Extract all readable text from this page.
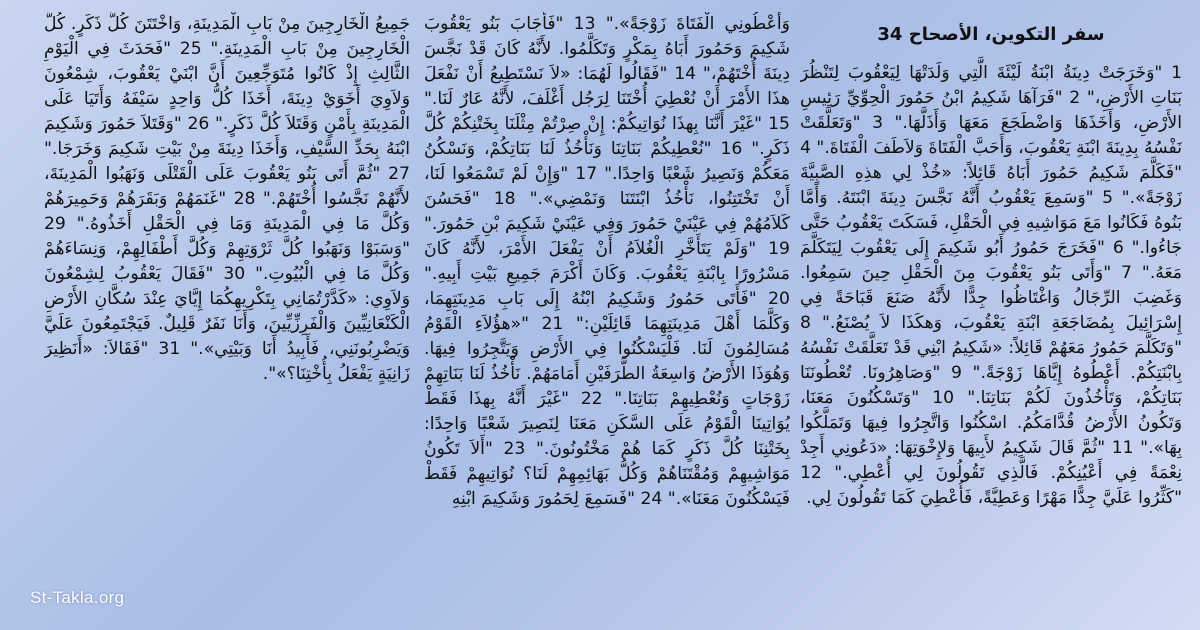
سفر التكوين، الأصحاح 34

1 "وَخَرَجَتْ دِينَةُ ابْنَةُ لَيْئَةَ الَّتِي وَلَدَتْهَا لِيَعْقُوبَ لِتَنْظُرَ بَنَاتِ الأَرْضِ،" 2 "فَرَآهَا شَكِيمُ ابْنُ حَمُورَ الْحِوِّيِّ رَئِيسِ الأَرْضِ، وَأَخَذَهَا وَاضْطَجَعَ مَعَهَا وَأَذَلَّهَا." 3 "وَتَعَلَّقَتْ نَفْسُهُ بِدِينَةَ ابْنَةِ يَعْقُوبَ، وَأَحَبَّ الْفَتَاةَ وَلاَطَفَ الْفَتَاةَ." 4 "فَكَلَّمَ شَكِيمُ حَمُورَ أَبَاهُ قَائِلاً: «خُذْ لِي هذِهِ الصَّبِيَّةَ زَوْجَةً»." 5 "وَسَمِعَ يَعْقُوبُ أَنَّهُ نَجَّسَ دِينَةَ ابْنَتَهُ. وَأَمَّا بَنُوهُ فَكَانُوا مَعَ مَوَاشِيهِ فِي الْحَقْلِ، فَسَكَتَ يَعْقُوبُ حَتَّى جَاءُوا." 6 "فَخَرَجَ حَمُورُ أَبُو شَكِيمَ إِلَى يَعْقُوبَ لِيَتَكَلَّمَ مَعَهُ." 7 "وَأَتَى بَنُو يَعْقُوبَ مِنَ الْحَقْلِ حِينَ سَمِعُوا. وَغَضِبَ الرِّجَالُ وَاغْتَاظُوا جِدًّا لأَنَّهُ صَنَعَ قَبَاحَةً فِي إِسْرَائِيلَ بِمُضَاجَعَةِ ابْنَةِ يَعْقُوبَ، وَهكَذَا لاَ يُصْنَعُ." 8 "وَتَكَلَّمَ حَمُورُ مَعَهُمْ قَائِلاً: «شَكِيمُ ابْنِي قَدْ تَعَلَّقَتْ نَفْسُهُ بِابْنَتِكُمْ. أَعْطُوهُ إِيَّاهَا زَوْجَةً." 9 "وَصَاهِرُونَا. تُعْطُونَنَا بَنَاتِكُمْ، وَتَأْخُذُونَ لَكُمْ بَنَاتِنَا." 10 "وَتَسْكُنُونَ مَعَنَا، وَتَكُونُ الأَرْضُ قُدَّامَكُمُ. اسْكُنُوا وَاتَّجِرُوا فِيهَا وَتَمَلَّكُوا بِهَا»." 11 "ثُمَّ قَالَ شَكِيمُ لأَبِيهَا وَلإِخْوَتِهَا: «دَعُونِي أَجِدْ نِعْمَةً فِي أَعْيُنِكُمْ. فَالَّذِي تَقُولُونَ لِي أُعْطِي." 12 "كَثِّرُوا عَلَيَّ جِدًّا مَهْرًا وَعَطِيَّةً، فَأُعْطِيَ كَمَا تَقُولُونَ لِي.

وَأَعْطُونِي الْفَتَاةَ زَوْجَةً»." 13 "فَأَجَابَ بَنُو يَعْقُوبَ شَكِيمَ وَحَمُورَ أَبَاهُ بِمَكْرٍ وَتَكَلَّمُوا. لأَنَّهُ كَانَ قَدْ نَجَّسَ دِينَةَ أُخْتَهُمْ،" 14 "فَقَالُوا لَهُمَا: «لاَ نَسْتَطِيعُ أَنْ نَفْعَلَ هذَا الأَمْرَ أَنْ نُعْطِيَ أُخْتَنَا لِرَجُل أَغْلَفَ، لأَنَّهُ عَارٌ لَنَا." 15 "غَيْرَ أَنَّنَا بِهذَا نُوَاتِيكُمْ: إِنْ صِرْتُمْ مِثْلَنَا بِخَتْنِكُمْ كُلَّ ذَكَرٍ." 16 "نُعْطِيكُمْ بَنَاتِنَا وَنَأْخُذُ لَنَا بَنَاتِكُمْ، وَنَسْكُنُ مَعَكُمْ وَنَصِيرُ شَعْبًا وَاحِدًا." 17 "وَإِنْ لَمْ تَسْمَعُوا لَنَا، أَنْ تَخْتَتِنُوا، نَأْخُذُ ابْنَتَنَا وَنَمْضِي»." 18 "فَحَسُنَ كَلاَمُهُمْ فِي عَيْنَيْ حَمُورَ وَفِي عَيْنَيْ شَكِيمَ بْنِ حَمُورَ." 19 "وَلَمْ يَتَأَخَّرِ الْغُلاَمُ أَنْ يَفْعَلَ الأَمْرَ، لأَنَّهُ كَانَ مَسْرُورًا بِابْنَةِ يَعْقُوبَ. وَكَانَ أَكْرَمَ جَمِيعِ بَيْتِ أَبِيهِ." 20 "فَأَتَى حَمُورُ وَشَكِيمُ ابْنُهُ إِلَى بَابِ مَدِينَتِهِمَا، وَكَلَّمَا أَهْلَ مَدِينَتِهِمَا قَائِلَيْنِ:" 21 "«هؤُلاَءِ الْقَوْمُ مُسَالِمُونَ لَنَا. فَلْيَسْكُنُوا فِي الأَرْضِ وَيَتَّجِرُوا فِيهَا. وَهُوَذَا الأَرْضُ وَاسِعَةُ الطَّرَفَيْنِ أَمَامَهُمْ. نَأْخُذُ لَنَا بَنَاتِهِمْ زَوْجَاتٍ وَنُعْطِيهِمْ بَنَاتِنَا." 22 "غَيْرَ أَنَّهُ بِهذَا فَقَطْ يُوَاتِينَا الْقَوْمُ عَلَى السَّكَنِ مَعَنَا لِنَصِيرَ شَعْبًا وَاحِدًا: بِخَتْنِنَا كُلَّ ذَكَرٍ كَمَا هُمْ مَخْتُونُونَ." 23 "أَلاَ تَكُونُ مَوَاشِيهِمْ وَمُقْتَنَاهُمْ وَكُلُّ بَهَائِمِهِمْ لَنَا؟ نُوَاتِيهِمْ فَقَطْ فَيَسْكُنُونَ مَعَنَا»." 24 "فَسَمِعَ لِحَمُورَ وَشَكِيمَ ابْنِهِ

جَمِيعُ الْخَارِجِينَ مِنْ بَابِ الْمَدِينَةِ، وَاخْتَتَنَ كُلُّ ذَكَرٍ. كُلُّ الْخَارِجِينَ مِنْ بَابِ الْمَدِينَةِ." 25 "فَحَدَثَ فِي الْيَوْمِ الثَّالِثِ إِذْ كَانُوا مُتَوَجِّعِينَ أَنَّ ابْنَيْ يَعْقُوبَ، شِمْعُونَ وَلاَوِيَ أَخَوَيْ دِينَةَ، أَخَذَا كُلُّ وَاحِدٍ سَيْفَهُ وَأَتَيَا عَلَى الْمَدِينَةِ بِأَمْنٍ وَقَتَلاَ كُلَّ ذَكَرٍ." 26 "وَقَتَلاَ حَمُورَ وَشَكِيمَ ابْنَهُ بِحَدِّ السَّيْفِ، وَأَخَذَا دِينَةَ مِنْ بَيْتِ شَكِيمَ وَخَرَجَا." 27 "ثُمَّ أَتَى بَنُو يَعْقُوبَ عَلَى الْقَتْلَى وَنَهَبُوا الْمَدِينَةَ، لأَنَّهُمْ نَجَّسُوا أُخْتَهُمْ." 28 "غَنَمَهُمْ وَبَقَرَهُمْ وَحَمِيرَهُمْ وَكُلَّ مَا فِي الْمَدِينَةِ وَمَا فِي الْحَقْلِ أَخَذُوهُ." 29 "وَسَبَوْا وَنَهَبُوا كُلَّ ثَرْوَتِهِمْ وَكُلَّ أَطْفَالِهِمْ، وَنِسَاءَهُمْ وَكُلَّ مَا فِي الْبُيُوتِ." 30 "فَقَالَ يَعْقُوبُ لِشِمْعُونَ وَلاَوِي: «كَدَّرْتُمَانِي بِتَكْرِيهِكُمَا إِيَّايَ عِنْدَ سُكَّانِ الأَرْضِ الْكَنْعَانِيِّينَ وَالْفَرِزِّيِّينَ، وَأَنَا نَفَرٌ قَلِيلٌ. فَيَجْتَمِعُونَ عَلَيَّ وَيَضْرِبُونَنِي، فَأَبِيدُ أَنَا وَبَيْتِي»." 31 "فَقَالاَ: «أَنَظِيرَ زَانِيَةٍ يَفْعَلُ بِأُخْتِنَا؟»".

St-Takla.org
